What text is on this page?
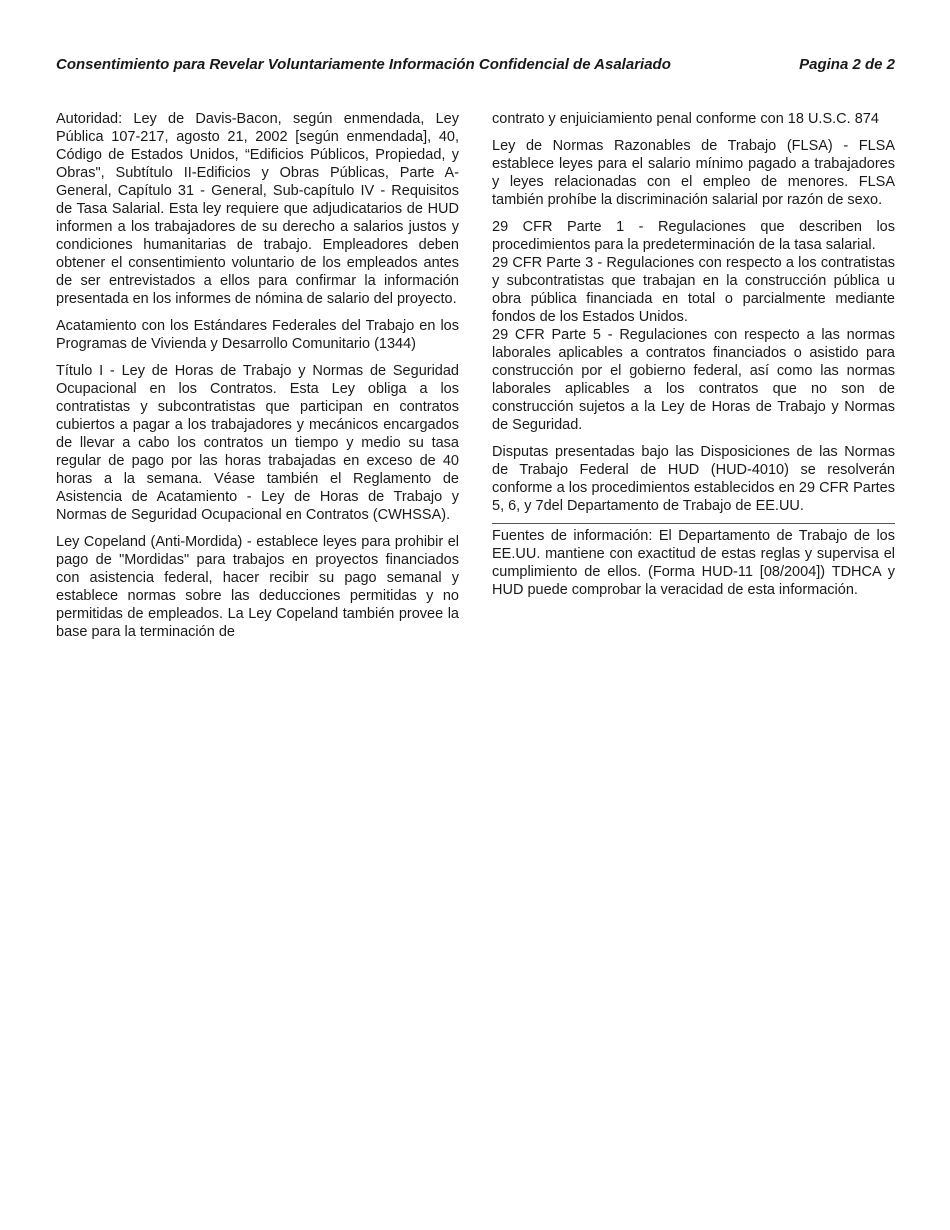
Consentimiento para Revelar Voluntariamente Información Confidencial de Asalariado	Pagina 2 de 2

Autoridad: Ley de Davis-Bacon, según enmendada, Ley Pública 107-217, agosto 21, 2002 [según enmendada], 40, Código de Estados Unidos, “Edificios Públicos, Propiedad, y Obras", Subtítulo II-Edificios y Obras Públicas, Parte A-General, Capítulo 31 - General, Sub-capítulo IV - Requisitos de Tasa Salarial. Esta ley requiere que adjudicatarios de HUD informen a los trabajadores de su derecho a salarios justos y condiciones humanitarias de trabajo. Empleadores deben obtener el consentimiento voluntario de los empleados antes de ser entrevistados a ellos para confirmar la información presentada en los informes de nómina de salario del proyecto.

Acatamiento con los Estándares Federales del Trabajo en los Programas de Vivienda y Desarrollo Comunitario (1344)

Título I - Ley de Horas de Trabajo y Normas de Seguridad Ocupacional en los Contratos. Esta Ley obliga a los contratistas y subcontratistas que participan en contratos cubiertos a pagar a los trabajadores y mecánicos encargados de llevar a cabo los contratos un tiempo y medio su tasa regular de pago por las horas trabajadas en exceso de 40 horas a la semana. Véase también el Reglamento de Asistencia de Acatamiento - Ley de Horas de Trabajo y Normas de Seguridad Ocupacional en Contratos (CWHSSA).

Ley Copeland (Anti-Mordida) - establece leyes para prohibir el pago de "Mordidas" para trabajos en proyectos financiados con asistencia federal, hacer recibir su pago semanal y establece normas sobre las deducciones permitidas y no permitidas de empleados. La Ley Copeland también provee la base para la terminación de

contrato y enjuiciamiento penal conforme con 18 U.S.C. 874

Ley de Normas Razonables de Trabajo (FLSA) - FLSA establece leyes para el salario mínimo pagado a trabajadores y leyes relacionadas con el empleo de menores. FLSA también prohíbe la discriminación salarial por razón de sexo.

29 CFR Parte 1 - Regulaciones que describen los procedimientos para la predeterminación de la tasa salarial.

29 CFR Parte 3 - Regulaciones con respecto a los contratistas y subcontratistas que trabajan en la construcción pública u obra pública financiada en total o parcialmente mediante fondos de los Estados Unidos.

29 CFR Parte 5 - Regulaciones con respecto a las normas laborales aplicables a contratos financiados o asistido para construcción por el gobierno federal, así como las normas laborales aplicables a los contratos que no son de construcción sujetos a la Ley de Horas de Trabajo y Normas de Seguridad.

Disputas presentadas bajo las Disposiciones de las Normas de Trabajo Federal de HUD (HUD-4010) se resolverán conforme a los procedimientos establecidos en 29 CFR Partes 5, 6, y 7del Departamento de Trabajo de EE.UU.

Fuentes de información: El Departamento de Trabajo de los EE.UU. mantiene con exactitud de estas reglas y supervisa el cumplimiento de ellos. (Forma HUD-11 [08/2004]) TDHCA y HUD puede comprobar la veracidad de esta información.
